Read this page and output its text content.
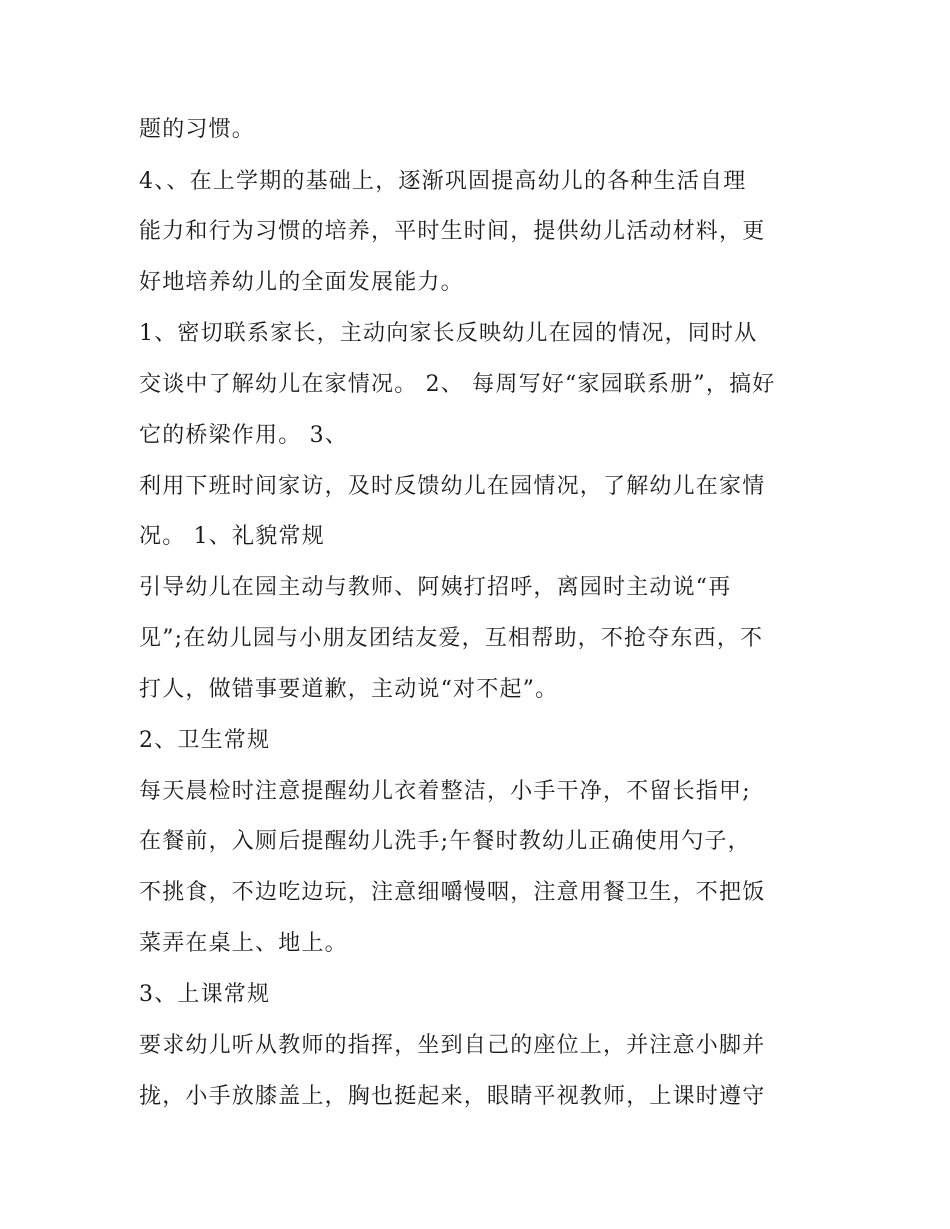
题的习惯。
4、、在上学期的基础上，逐渐巩固提高幼儿的各种生活自理
能力和行为习惯的培养，平时生时间，提供幼儿活动材料，更
好地培养幼儿的全面发展能力。
1、密切联系家长，主动向家长反映幼儿在园的情况，同时从
交谈中了解幼儿在家情况。 2、 每周写好“家园联系册”，搞好
它的桥梁作用。 3、
利用下班时间家访，及时反馈幼儿在园情况，了解幼儿在家情
况。 1、礼貌常规
引导幼儿在园主动与教师、阿姨打招呼，离园时主动说“再
见”;在幼儿园与小朋友团结友爱，互相帮助，不抢夺东西，不
打人，做错事要道歉，主动说“对不起”。
2、卫生常规
每天晨检时注意提醒幼儿衣着整洁，小手干净，不留长指甲;
在餐前，入厕后提醒幼儿洗手;午餐时教幼儿正确使用勺子，
不挑食，不边吃边玩，注意细嚼慢咽，注意用餐卫生，不把饭
菜弄在桌上、地上。
3、上课常规
要求幼儿听从教师的指挥，坐到自己的座位上，并注意小脚并
拢，小手放膝盖上，胸也挺起来，眼睛平视教师，上课时遵守
